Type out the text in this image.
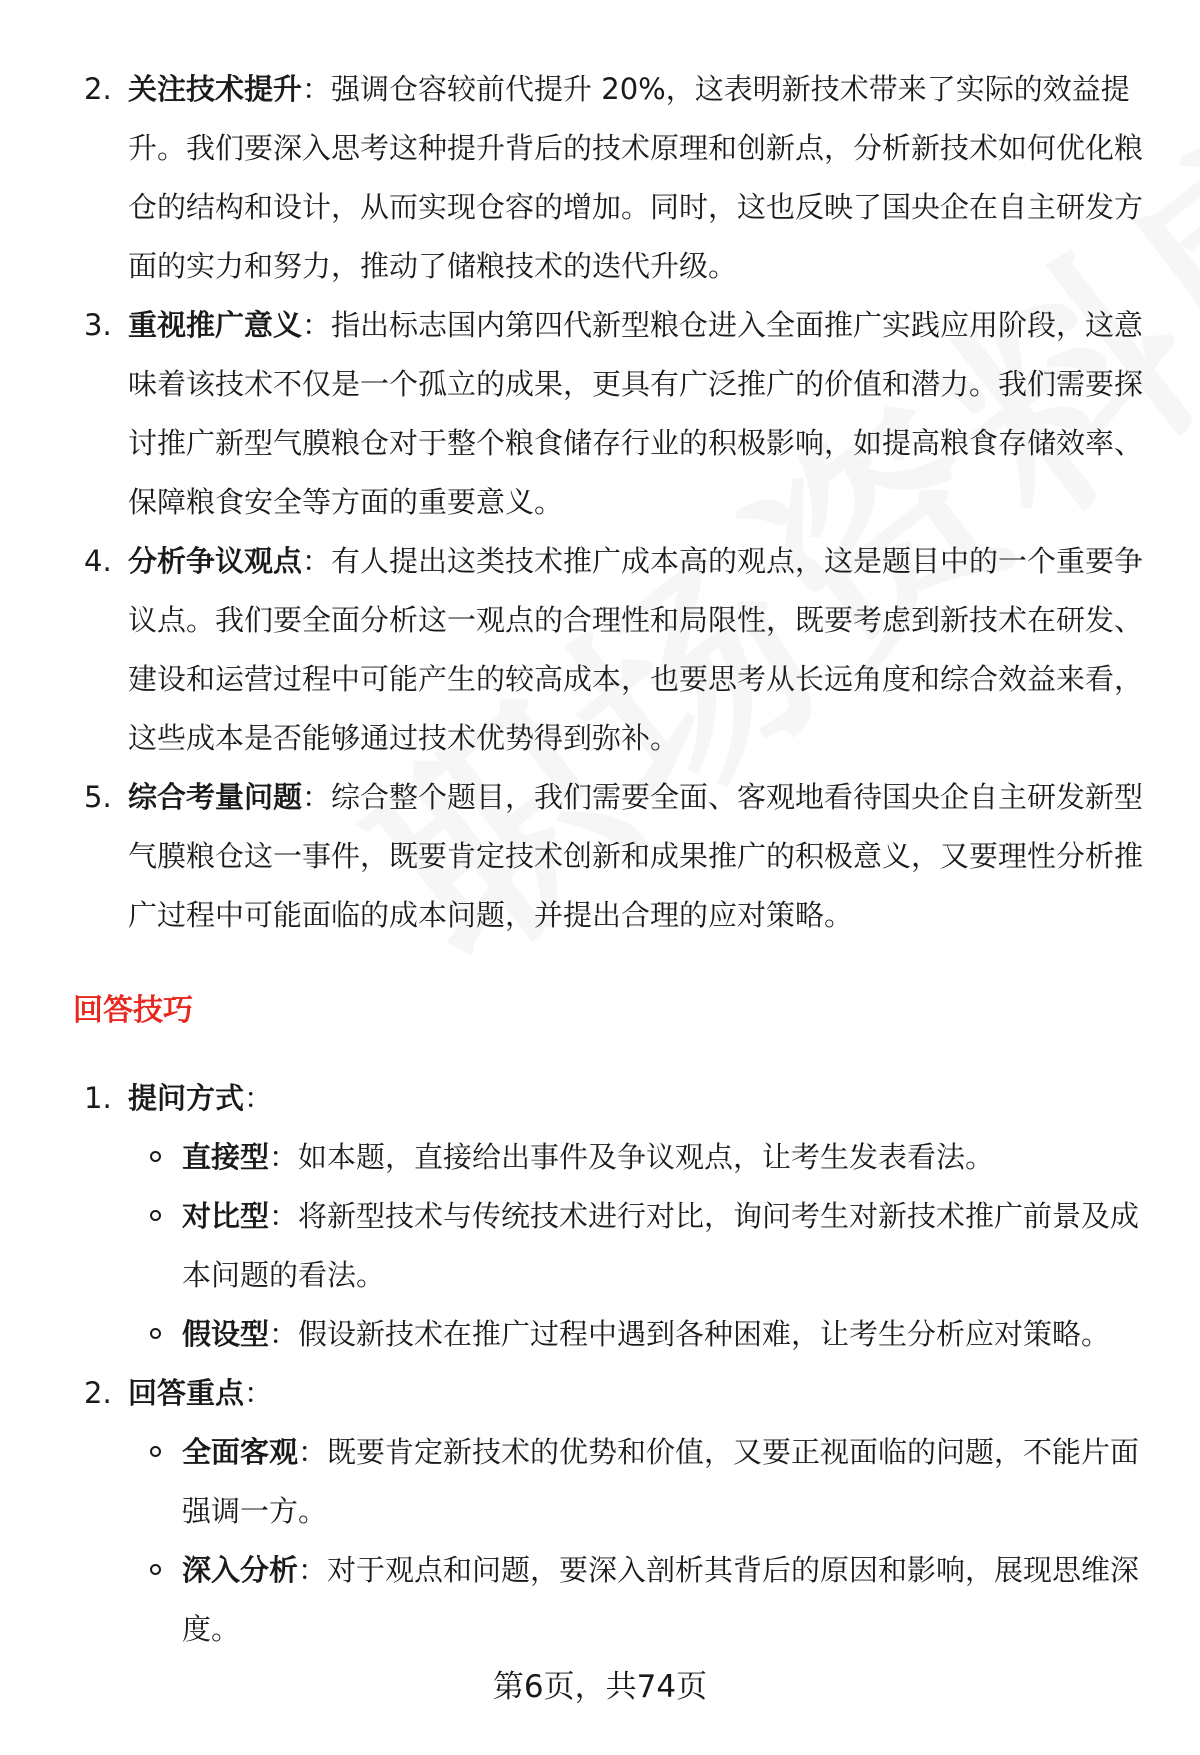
2. 关注技术提升：强调仓容较前代提升 20%，这表明新技术带来了实际的效益提升。我们要深入思考这种提升背后的技术原理和创新点，分析新技术如何优化粮仓的结构和设计，从而实现仓容的增加。同时，这也反映了国央企在自主研发方面的实力和努力，推动了储粮技术的迭代升级。
3. 重视推广意义：指出标志国内第四代新型粮仓进入全面推广实践应用阶段，这意味着该技术不仅是一个孤立的成果，更具有广泛推广的价值和潜力。我们需要探讨推广新型气膜粮仓对于整个粮食储存行业的积极影响，如提高粮食存储效率、保障粮食安全等方面的重要意义。
4. 分析争议观点：有人提出这类技术推广成本高的观点，这是题目中的一个重要争议点。我们要全面分析这一观点的合理性和局限性，既要考虑到新技术在研发、建设和运营过程中可能产生的较高成本，也要思考从长远角度和综合效益来看，这些成本是否能够通过技术优势得到弥补。
5. 综合考量问题：综合整个题目，我们需要全面、客观地看待国央企自主研发新型气膜粮仓这一事件，既要肯定技术创新和成果推广的积极意义，又要理性分析推广过程中可能面临的成本问题，并提出合理的应对策略。
回答技巧
1. 提问方式：
直接型：如本题，直接给出事件及争议观点，让考生发表看法。
对比型：将新型技术与传统技术进行对比，询问考生对新技术推广前景及成本问题的看法。
假设型：假设新技术在推广过程中遇到各种困难，让考生分析应对策略。
2. 回答重点：
全面客观：既要肯定新技术的优势和价值，又要正视面临的问题，不能片面强调一方。
深入分析：对于观点和问题，要深入剖析其背后的原因和影响，展现思维深度。
第6页，共74页
